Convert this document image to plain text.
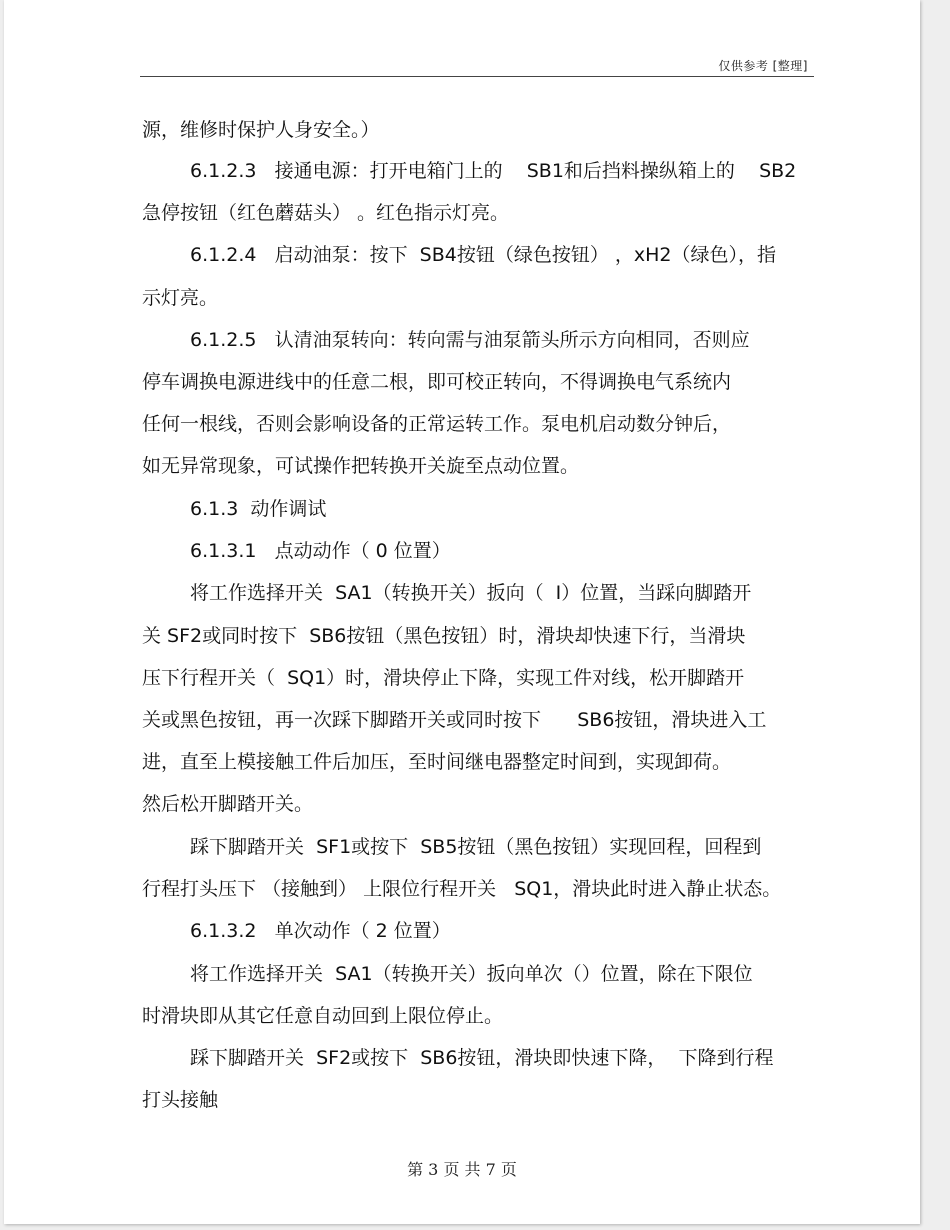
仅供参考 [整理]
源，维修时保护人身安全。）
6.1.2.3   接通电源：打开电箱门上的    SB1和后挡料操纵箱上的    SB2
急停按钮（红色蘑菇头） 。红色指示灯亮。
6.1.2.4   启动油泵：按下  SB4按钮（绿色按钮） ，xH2（绿色），指
示灯亮。
6.1.2.5   认清油泵转向：转向需与油泵箭头所示方向相同，否则应
停车调换电源进线中的任意二根，即可校正转向，不得调换电气系统内
任何一根线，否则会影响设备的正常运转工作。泵电机启动数分钟后，
如无异常现象，可试操作把转换开关旋至点动位置。
6.1.3  动作调试
6.1.3.1   点动动作（ 0 位置）
将工作选择开关  SA1（转换开关）扳向（  Ⅰ）位置，当踩向脚踏开
关 SF2或同时按下  SB6按钮（黑色按钮）时，滑块却快速下行，当滑块
压下行程开关（  SQ1）时，滑块停止下降，实现工件对线，松开脚踏开
关或黑色按钮，再一次踩下脚踏开关或同时按下      SB6按钮，滑块进入工
进，直至上模接触工件后加压，至时间继电器整定时间到，实现卸荷。
然后松开脚踏开关。
踩下脚踏开关  SF1或按下  SB5按钮（黑色按钮）实现回程，回程到
行程打头压下 （接触到） 上限位行程开关   SQ1，滑块此时进入静止状态。
6.1.3.2   单次动作（ 2 位置）
将工作选择开关  SA1（转换开关）扳向单次（）位置，除在下限位
时滑块即从其它任意自动回到上限位停止。
踩下脚踏开关  SF2或按下  SB6按钮，滑块即快速下降，  下降到行程
打头接触
第 3 页 共 7 页
